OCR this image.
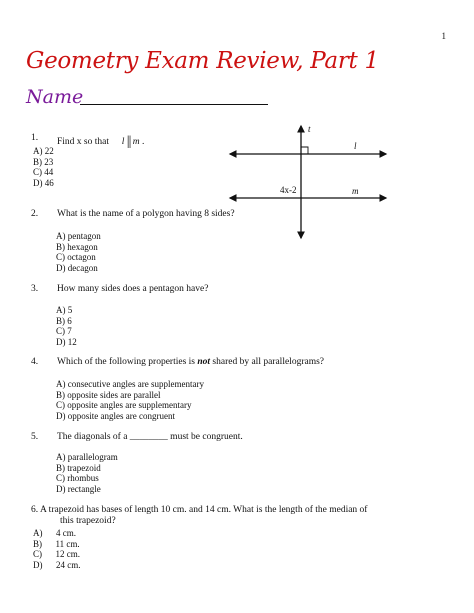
1
Geometry Exam Review, Part 1
Name
1. Find x so that l || m .
A) 22
B) 23
C) 44
D) 46
t
l
m
4x-2
2. What is the name of a polygon having 8 sides?
A) pentagon
B) hexagon
C) octagon
D) decagon
3. How many sides does a pentagon have?
A) 5
B) 6
C) 7
D) 12
4. Which of the following properties is not shared by all parallelograms?
A) consecutive angles are supplementary
B) opposite sides are parallel
C) opposite angles are supplementary
D) opposite angles are congruent
5. The diagonals of a ________ must be congruent.
A) parallelogram
B) trapezoid
C) rhombus
D) rectangle
6. A trapezoid has bases of length 10 cm. and 14 cm. What is the length of the median of
this trapezoid?
A)      4 cm.
B)      11 cm.
C)      12 cm.
D)      24 cm.
